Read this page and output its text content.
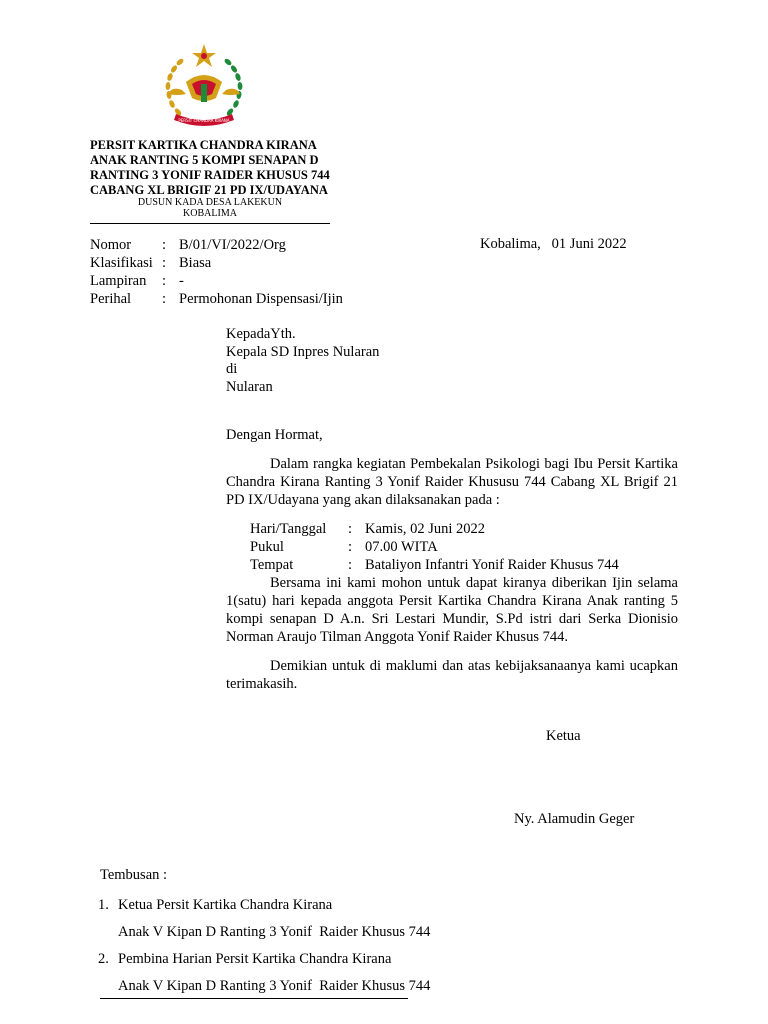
PERSIT CHANDRA KIRANA
PERSIT KARTIKA CHANDRA KIRANA
ANAK RANTING 5 KOMPI SENAPAN D
RANTING 3 YONIF RAIDER KHUSUS 744
CABANG XL BRIGIF 21 PD IX/UDAYANA
DUSUN KADA DESA LAKEKUN
KOBALIMA
Nomor	: B/01/VI/2022/Org
Klasifikasi : Biasa
Lampiran	: -
Perihal	: Permohonan Dispensasi/Ijin
Kobalima,   01 Juni 2022
KepadaYth.
Kepala SD Inpres Nularan
di
Nularan

Dengan Hormat,

Dalam rangka kegiatan Pembekalan Psikologi bagi Ibu Persit Kartika Chandra Kirana Ranting 3 Yonif Raider Khususu 744 Cabang XL Brigif 21 PD IX/Udayana yang akan dilaksanakan pada :

Hari/Tanggal	: Kamis, 02 Juni 2022
Pukul	: 07.00 WITA
Tempat	: Bataliyon Infantri Yonif Raider Khusus 744

Bersama ini kami mohon untuk dapat kiranya diberikan Ijin selama 1(satu) hari kepada anggota Persit Kartika Chandra Kirana Anak ranting 5 kompi senapan D A.n. Sri Lestari Mundir, S.Pd istri dari Serka Dionisio Norman Araujo Tilman Anggota Yonif Raider Khusus 744.

Demikian untuk di maklumi dan atas kebijaksanaanya kami ucapkan terimakasih.

Ketua
Ny. Alamudin Geger
Tembusan :
1. Ketua Persit Kartika Chandra Kirana
Anak V Kipan D Ranting 3 Yonif  Raider Khusus 744
2. Pembina Harian Persit Kartika Chandra Kirana
Anak V Kipan D Ranting 3 Yonif  Raider Khusus 744
